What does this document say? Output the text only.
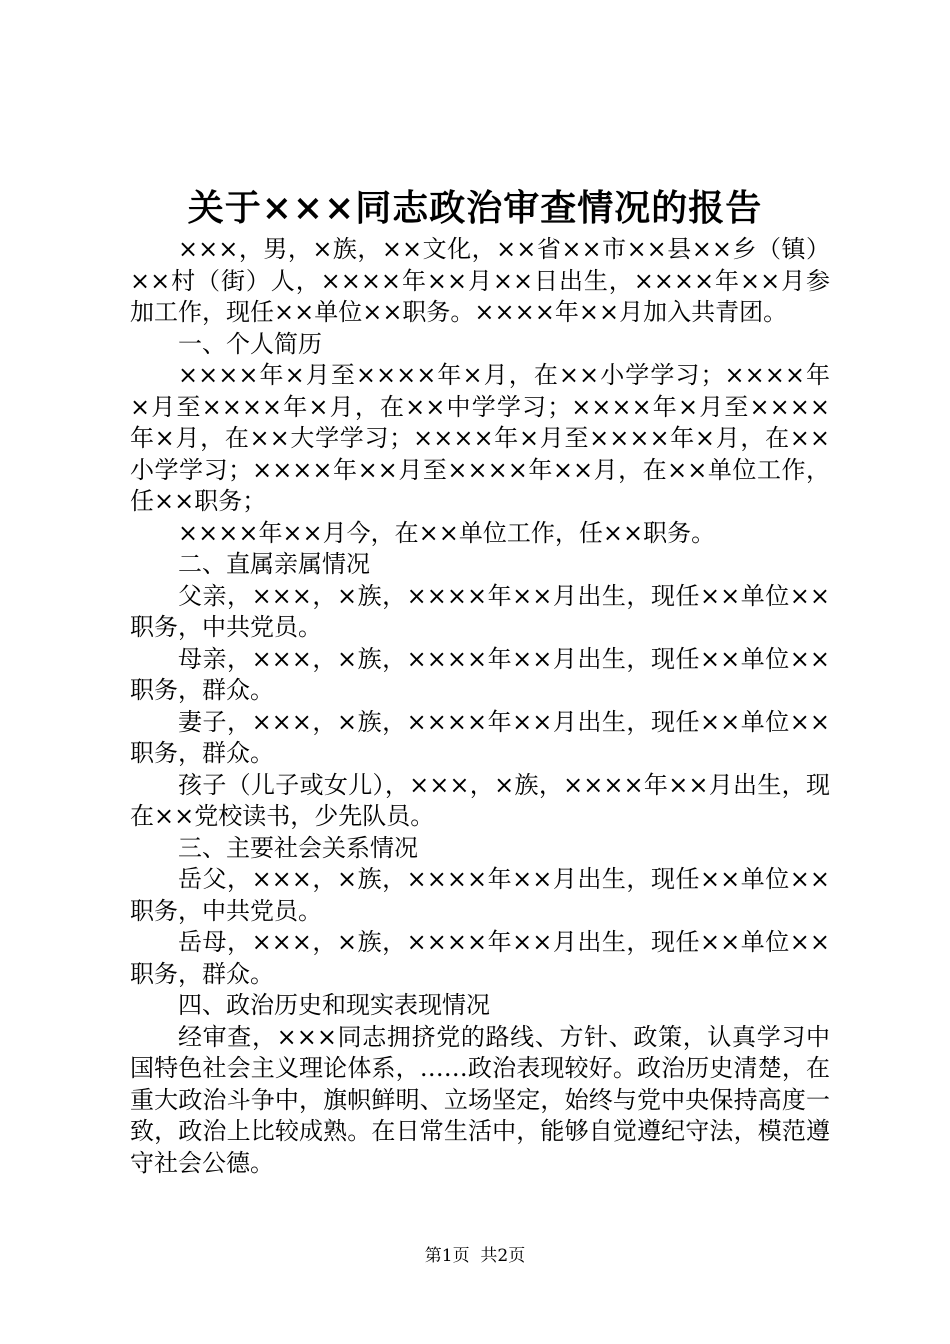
关于×××同志政治审查情况的报告

×××，男，×族，××文化，××省××市××县××乡（镇）××村（街）人，××××年××月××日出生，××××年××月参加工作，现任××单位××职务。××××年××月加入共青团。

一、个人简历

××××年×月至××××年×月，在××小学学习；××××年×月至××××年×月，在××中学学习；××××年×月至××××年×月，在××大学学习；××××年×月至××××年×月，在××小学学习；××××年××月至××××年××月，在××单位工作，任××职务；

××××年××月今，在××单位工作，任××职务。

二、直属亲属情况

父亲，×××，×族，××××年××月出生，现任××单位××职务，中共党员。

母亲，×××，×族，××××年××月出生，现任××单位××职务，群众。

妻子，×××，×族，××××年××月出生，现任××单位××职务，群众。

孩子（儿子或女儿），×××，×族，××××年××月出生，现在××党校读书，少先队员。

三、主要社会关系情况

岳父，×××，×族，××××年××月出生，现任××单位××职务，中共党员。

岳母，×××，×族，××××年××月出生，现任××单位××职务，群众。

四、政治历史和现实表现情况

经审查，×××同志拥挤党的路线、方针、政策，认真学习中国特色社会主义理论体系，……政治表现较好。政治历史清楚，在重大政治斗争中，旗帜鲜明、立场坚定，始终与党中央保持高度一致，政治上比较成熟。在日常生活中，能够自觉遵纪守法，模范遵守社会公德。

第1页  共2页
